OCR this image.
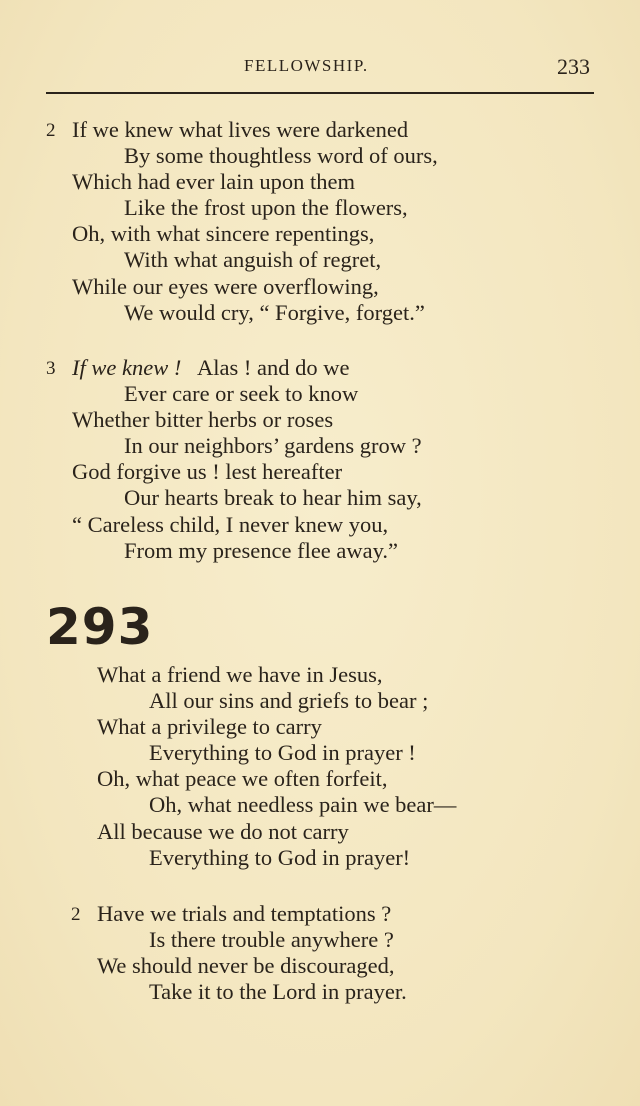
FELLOWSHIP.	233
2 If we knew what lives were darkened
By some thoughtless word of ours,
Which had ever lain upon them
Like the frost upon the flowers,
Oh, with what sincere repentings,
With what anguish of regret,
While our eyes were overflowing,
We would cry, “ Forgive, forget.”
3 If we knew ! Alas ! and do we
Ever care or seek to know
Whether bitter herbs or roses
In our neighbors’ gardens grow ?
God forgive us ! lest hereafter
Our hearts break to hear him say,
“ Careless child, I never knew you,
From my presence flee away.”
293
What a friend we have in Jesus,
All our sins and griefs to bear ;
What a privilege to carry
Everything to God in prayer !
Oh, what peace we often forfeit,
Oh, what needless pain we bear—
All because we do not carry
Everything to God in prayer!
2 Have we trials and temptations ?
Is there trouble anywhere ?
We should never be discouraged,
Take it to the Lord in prayer.
